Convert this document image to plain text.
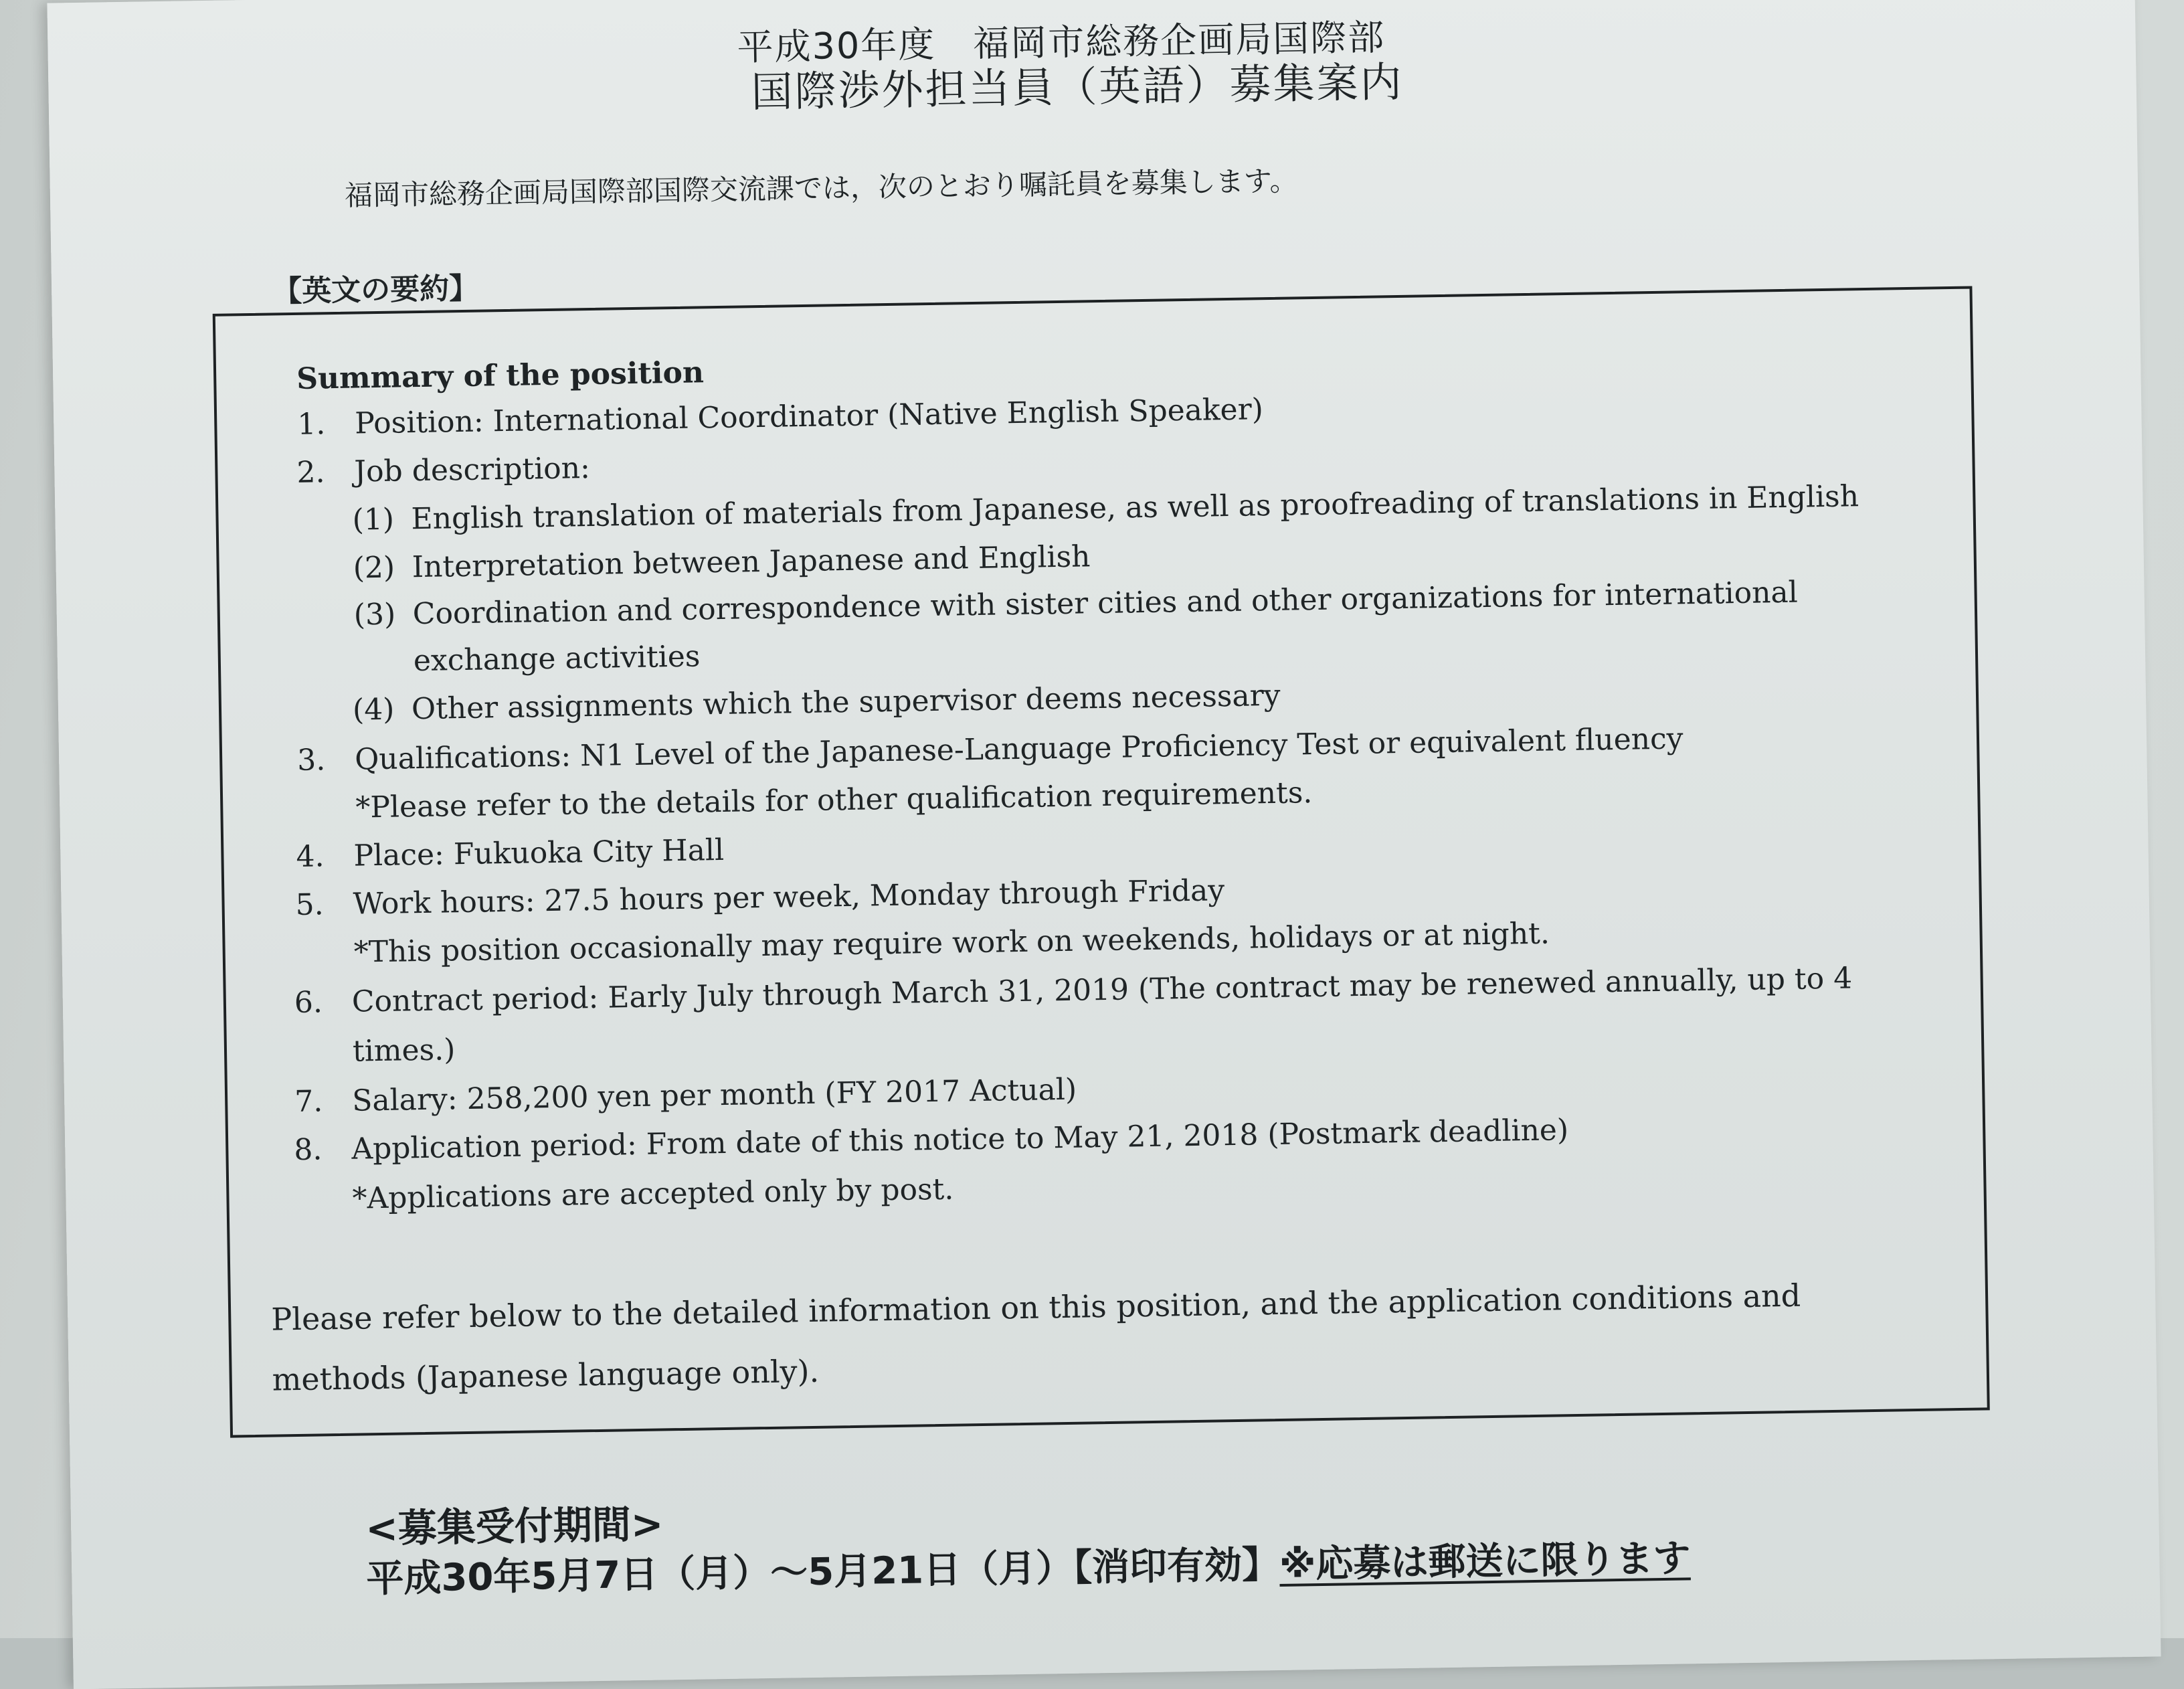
平成30年度　福岡市総務企画局国際部
国際渉外担当員（英語）募集案内
福岡市総務企画局国際部国際交流課では，次のとおり嘱託員を募集します。
【英文の要約】
Summary of the position
1. Position: International Coordinator (Native English Speaker)
2. Job description:
(1) English translation of materials from Japanese, as well as proofreading of translations in English
(2) Interpretation between Japanese and English
(3) Coordination and correspondence with sister cities and other organizations for international
exchange activities
(4) Other assignments which the supervisor deems necessary
3. Qualifications: N1 Level of the Japanese-Language Proficiency Test or equivalent fluency
*Please refer to the details for other qualification requirements.
4. Place: Fukuoka City Hall
5. Work hours: 27.5 hours per week, Monday through Friday
*This position occasionally may require work on weekends, holidays or at night.
6. Contract period: Early July through March 31, 2019 (The contract may be renewed annually, up to 4
times.)
7. Salary: 258,200 yen per month (FY 2017 Actual)
8. Application period: From date of this notice to May 21, 2018 (Postmark deadline)
*Applications are accepted only by post.
Please refer below to the detailed information on this position, and the application conditions and methods (Japanese language only).
<募集受付期間>
平成30年5月7日（月）～5月21日（月）【消印有効】※応募は郵送に限ります
